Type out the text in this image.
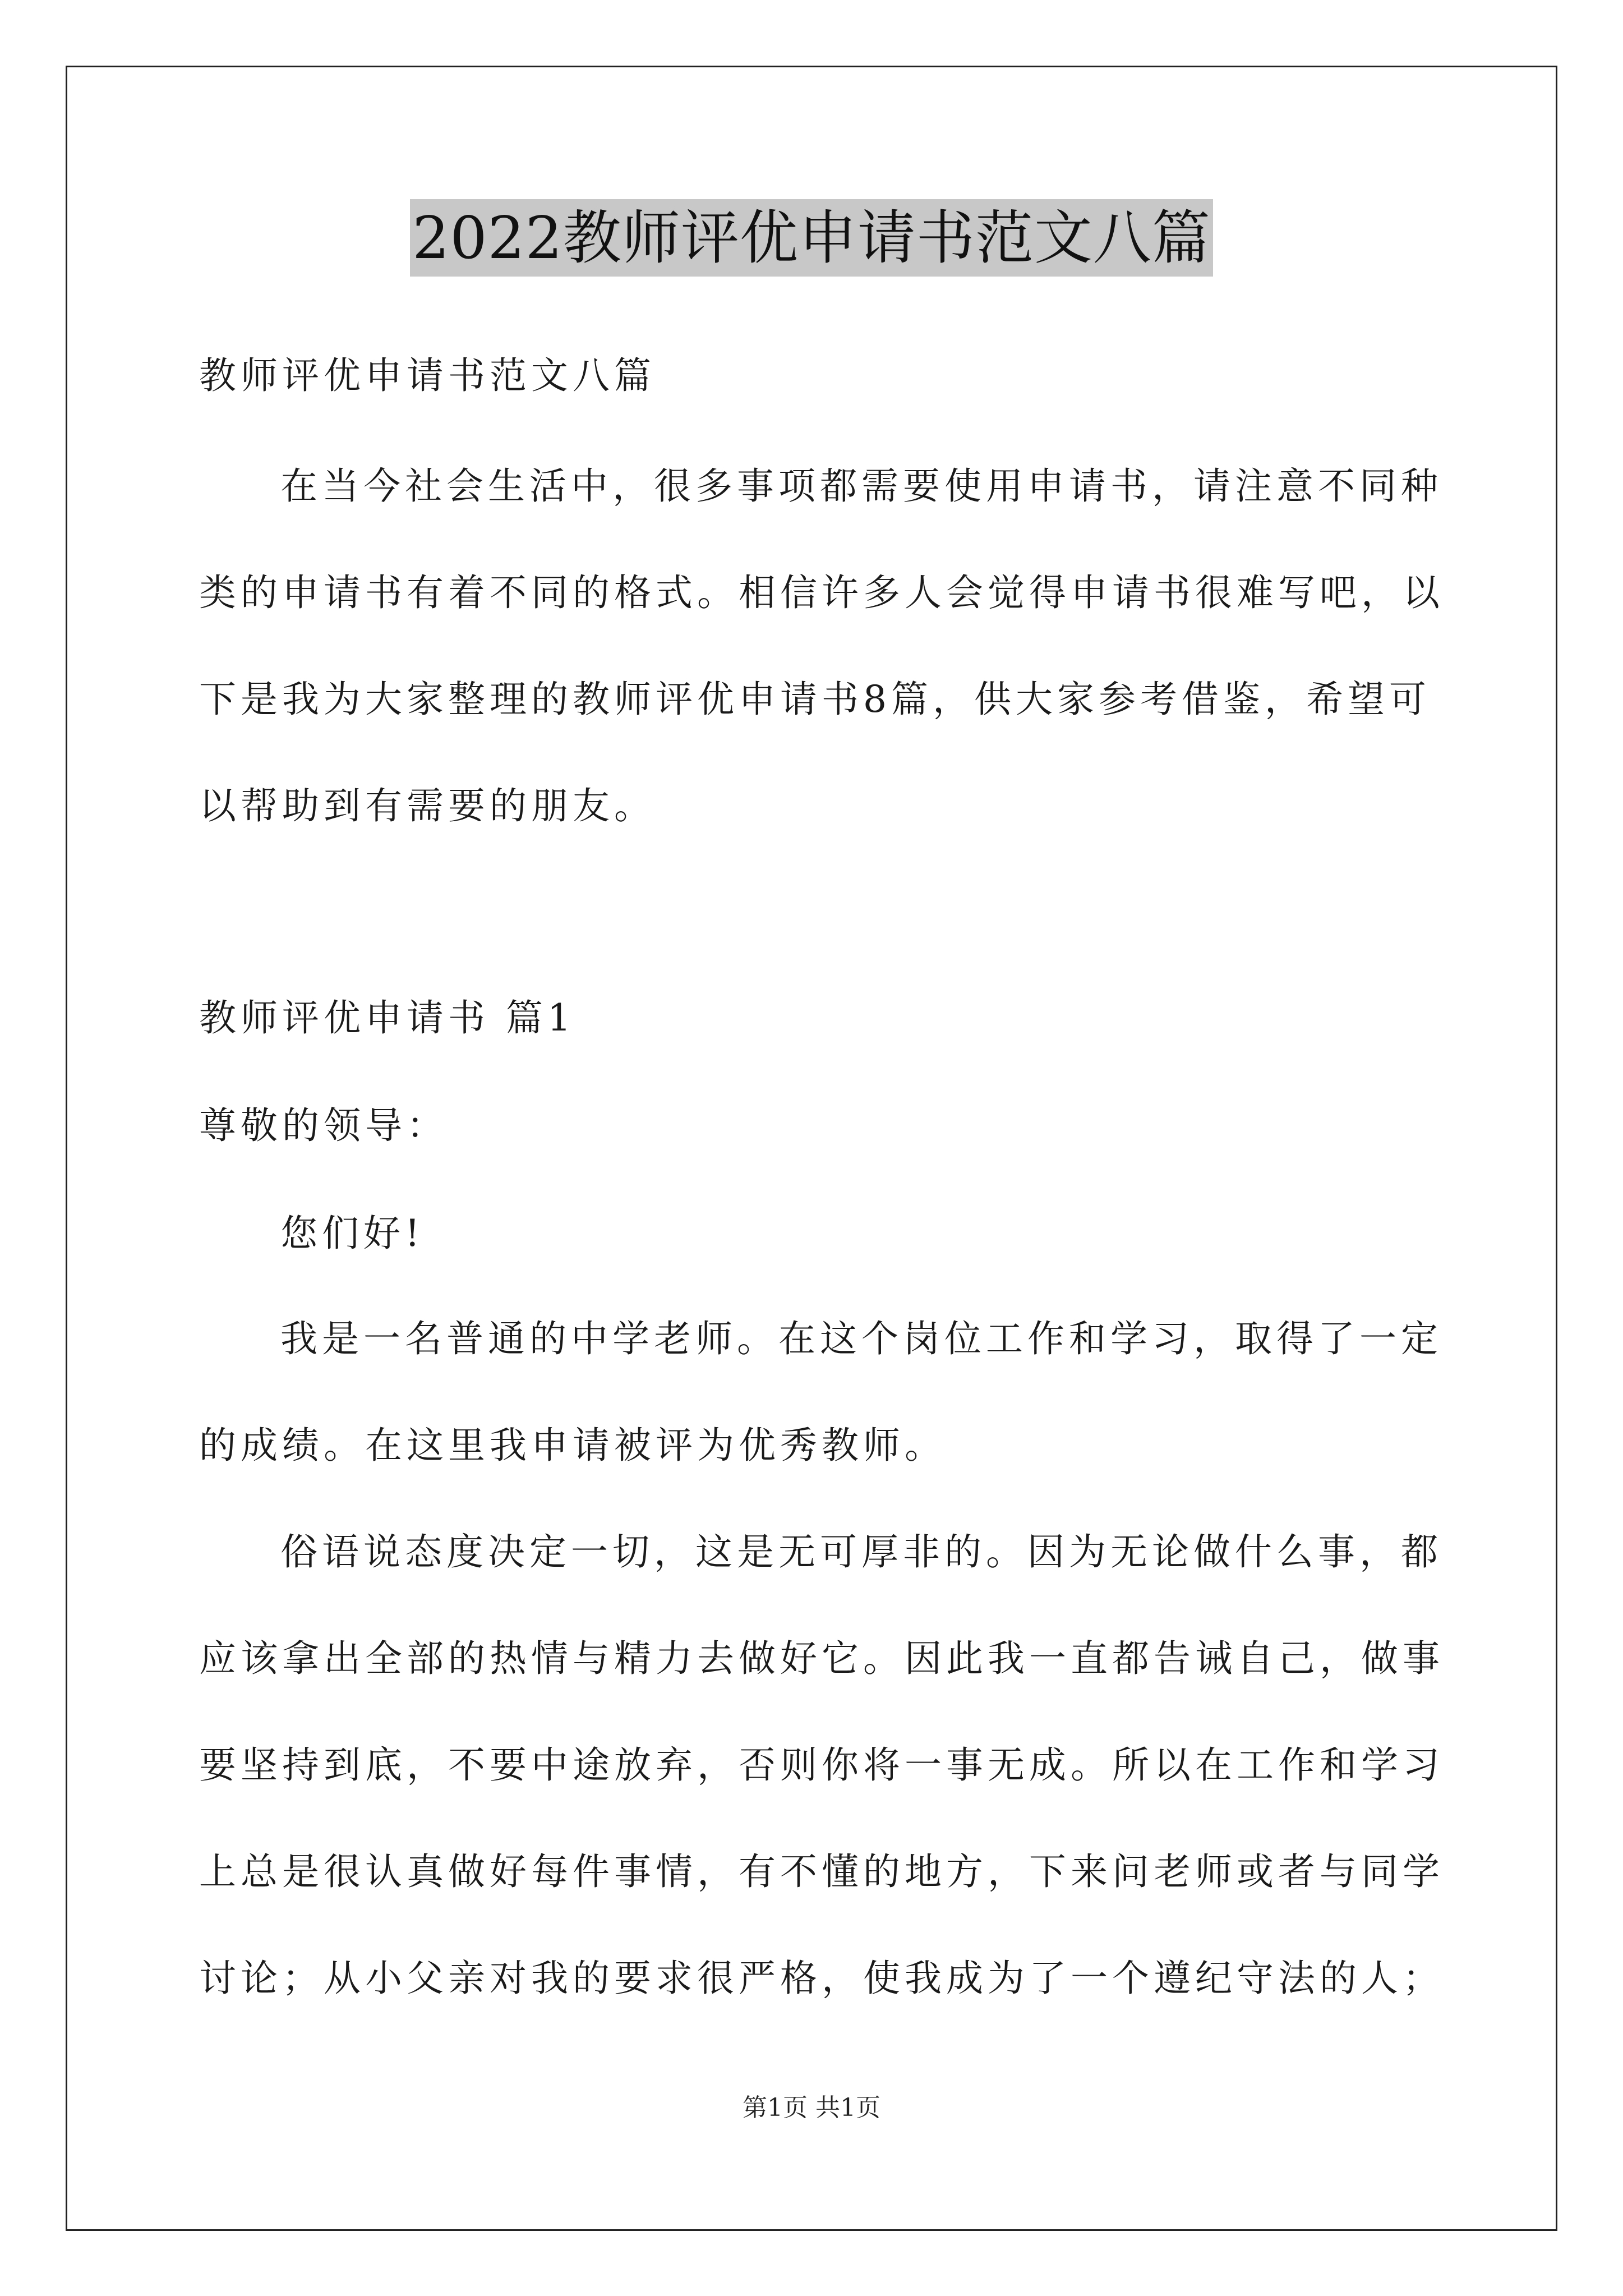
2022教师评优申请书范文八篇
教师评优申请书范文八篇
在当今社会生活中，很多事项都需要使用申请书，请注意不同种
类的申请书有着不同的格式。相信许多人会觉得申请书很难写吧，以
下是我为大家整理的教师评优申请书8篇，供大家参考借鉴，希望可
以帮助到有需要的朋友。
教师评优申请书 篇1
尊敬的领导：
您们好!
我是一名普通的中学老师。在这个岗位工作和学习，取得了一定
的成绩。在这里我申请被评为优秀教师。
俗语说态度决定一切，这是无可厚非的。因为无论做什么事，都
应该拿出全部的热情与精力去做好它。因此我一直都告诫自己，做事
要坚持到底，不要中途放弃，否则你将一事无成。所以在工作和学习
上总是很认真做好每件事情，有不懂的地方，下来问老师或者与同学
讨论；从小父亲对我的要求很严格，使我成为了一个遵纪守法的人；
第1页 共1页
